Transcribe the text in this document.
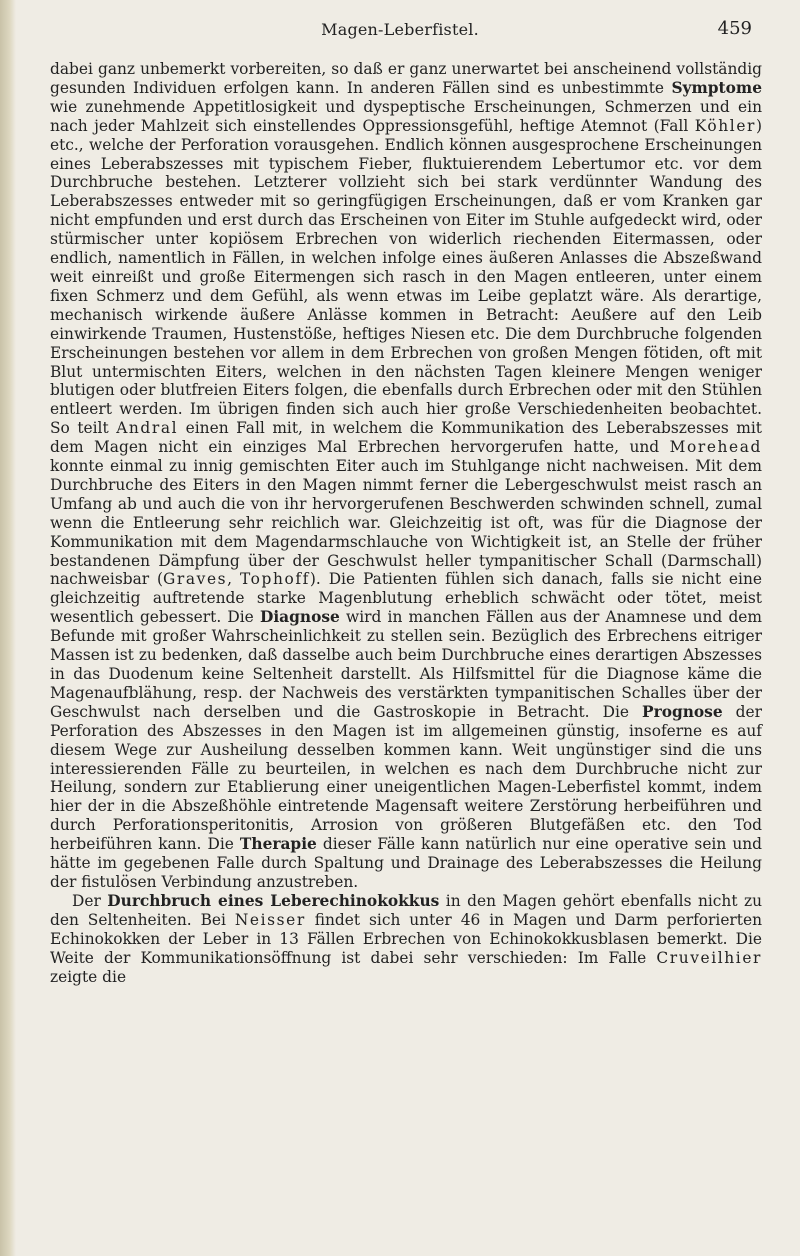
Magen-Leberfistel.	459

dabei ganz unbemerkt vorbereiten, so daß er ganz unerwartet bei anscheinend vollständig gesunden Individuen erfolgen kann. In anderen Fällen sind es unbestimmte Symptome wie zunehmende Appetitlosigkeit und dyspeptische Erscheinungen, Schmerzen und ein nach jeder Mahlzeit sich einstellendes Oppressionsgefühl, heftige Atemnot (Fall Köhler) etc., welche der Perforation vorausgehen. Endlich können ausgesprochene Erscheinungen eines Leberabszesses mit typischem Fieber, fluktuierendem Lebertumor etc. vor dem Durchbruche bestehen. Letzterer vollzieht sich bei stark verdünnter Wandung des Leberabszesses entweder mit so geringfügigen Erscheinungen, daß er vom Kranken gar nicht empfunden und erst durch das Erscheinen von Eiter im Stuhle aufgedeckt wird, oder stürmischer unter kopiösem Erbrechen von widerlich riechenden Eitermassen, oder endlich, namentlich in Fällen, in welchen infolge eines äußeren Anlasses die Abszeßwand weit einreißt und große Eitermengen sich rasch in den Magen entleeren, unter einem fixen Schmerz und dem Gefühl, als wenn etwas im Leibe geplatzt wäre. Als derartige, mechanisch wirkende äußere Anlässe kommen in Betracht: Aeußere auf den Leib einwirkende Traumen, Hustenstöße, heftiges Niesen etc. Die dem Durchbruche folgenden Erscheinungen bestehen vor allem in dem Erbrechen von großen Mengen fötiden, oft mit Blut untermischten Eiters, welchen in den nächsten Tagen kleinere Mengen weniger blutigen oder blutfreien Eiters folgen, die ebenfalls durch Erbrechen oder mit den Stühlen entleert werden. Im übrigen finden sich auch hier große Verschiedenheiten beobachtet. So teilt Andral einen Fall mit, in welchem die Kommunikation des Leberabszesses mit dem Magen nicht ein einziges Mal Erbrechen hervorgerufen hatte, und Morehead konnte einmal zu innig gemischten Eiter auch im Stuhlgange nicht nachweisen. Mit dem Durchbruche des Eiters in den Magen nimmt ferner die Lebergeschwulst meist rasch an Umfang ab und auch die von ihr hervorgerufenen Beschwerden schwinden schnell, zumal wenn die Entleerung sehr reichlich war. Gleichzeitig ist oft, was für die Diagnose der Kommunikation mit dem Magendarmschlauche von Wichtigkeit ist, an Stelle der früher bestandenen Dämpfung über der Geschwulst heller tympanitischer Schall (Darmschall) nachweisbar (Graves, Tophoff). Die Patienten fühlen sich danach, falls sie nicht eine gleichzeitig auftretende starke Magenblutung erheblich schwächt oder tötet, meist wesentlich gebessert. Die Diagnose wird in manchen Fällen aus der Anamnese und dem Befunde mit großer Wahrscheinlichkeit zu stellen sein. Bezüglich des Erbrechens eitriger Massen ist zu bedenken, daß dasselbe auch beim Durchbruche eines derartigen Abszesses in das Duodenum keine Seltenheit darstellt. Als Hilfsmittel für die Diagnose käme die Magenaufblähung, resp. der Nachweis des verstärkten tympanitischen Schalles über der Geschwulst nach derselben und die Gastroskopie in Betracht. Die Prognose der Perforation des Abszesses in den Magen ist im allgemeinen günstig, insoferne es auf diesem Wege zur Ausheilung desselben kommen kann. Weit ungünstiger sind die uns interessierenden Fälle zu beurteilen, in welchen es nach dem Durchbruche nicht zur Heilung, sondern zur Etablierung einer uneigentlichen Magen-Leberfistel kommt, indem hier der in die Abszeßhöhle eintretende Magensaft weitere Zerstörung herbeiführen und durch Perforationsperitonitis, Arrosion von größeren Blutgefäßen etc. den Tod herbeiführen kann. Die Therapie dieser Fälle kann natürlich nur eine operative sein und hätte im gegebenen Falle durch Spaltung und Drainage des Leberabszesses die Heilung der fistulösen Verbindung anzustreben.

Der Durchbruch eines Leberechinokokkus in den Magen gehört ebenfalls nicht zu den Seltenheiten. Bei Neisser findet sich unter 46 in Magen und Darm perforierten Echinokokken der Leber in 13 Fällen Erbrechen von Echinokokkusblasen bemerkt. Die Weite der Kommunikationsöffnung ist dabei sehr verschieden: Im Falle Cruveilhier zeigte die
